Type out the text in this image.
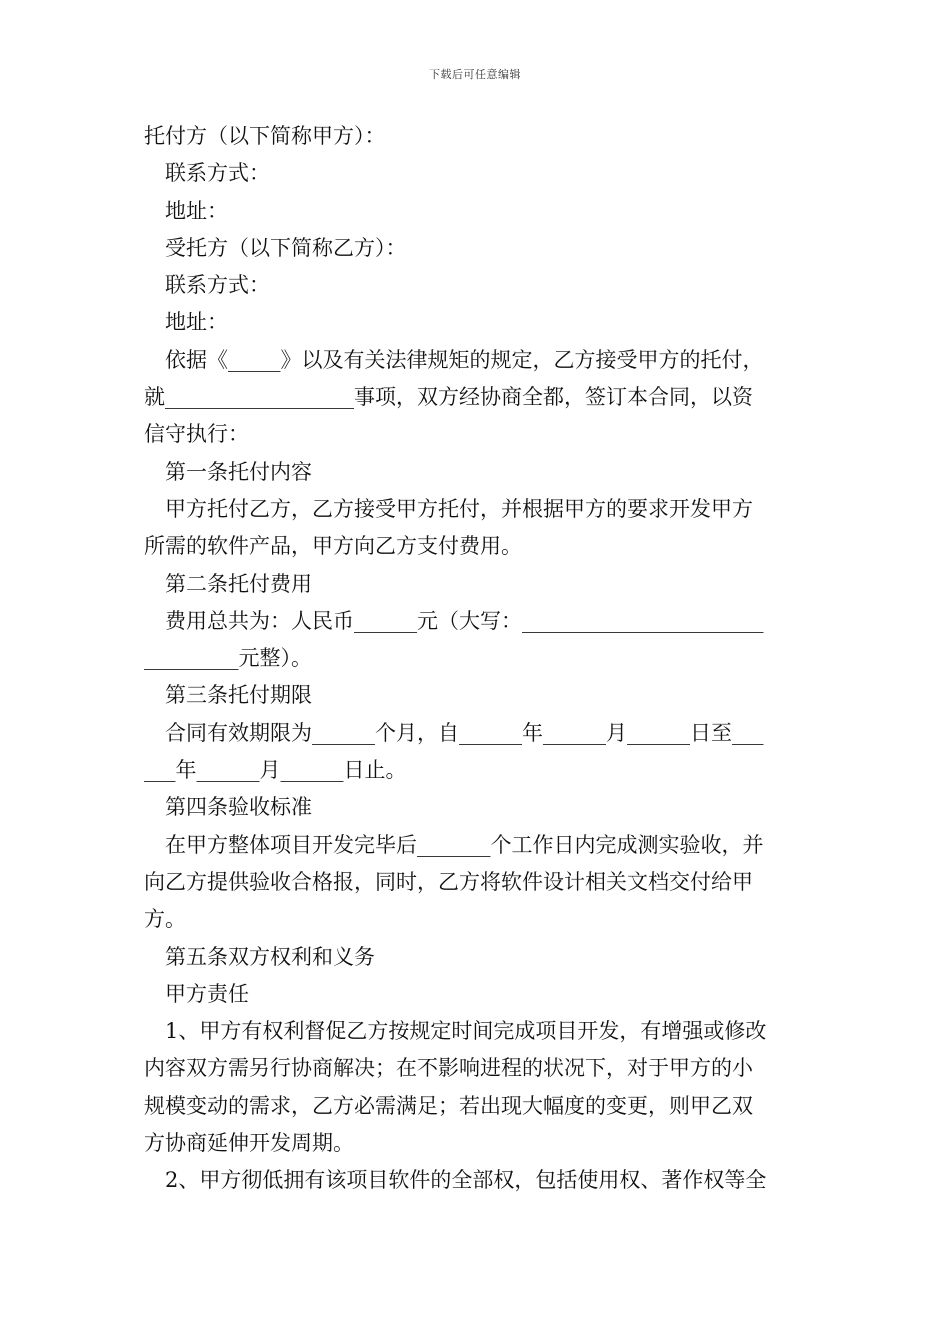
下载后可任意编辑

托付方（以下简称甲方）：

联系方式：

地址：

受托方（以下简称乙方）：

联系方式：

地址：

依据《_____》以及有关法律规矩的规定，乙方接受甲方的托付，

就__________________事项，双方经协商全都，签订本合同，以资

信守执行：

第一条托付内容

甲方托付乙方，乙方接受甲方托付，并根据甲方的要求开发甲方

所需的软件产品，甲方向乙方支付费用。

第二条托付费用

费用总共为：人民币______元（大写：_______________________

_________元整）。

第三条托付期限

合同有效期限为______个月，自______年______月______日至___

___年______月______日止。

第四条验收标准

在甲方整体项目开发完毕后_______个工作日内完成测实验收，并

向乙方提供验收合格报，同时，乙方将软件设计相关文档交付给甲

方。

第五条双方权利和义务

甲方责任

1、甲方有权利督促乙方按规定时间完成项目开发，有增强或修改

内容双方需另行协商解决；在不影响进程的状况下，对于甲方的小

规模变动的需求，乙方必需满足；若出现大幅度的变更，则甲乙双

方协商延伸开发周期。

2、甲方彻低拥有该项目软件的全部权，包括使用权、著作权等全
